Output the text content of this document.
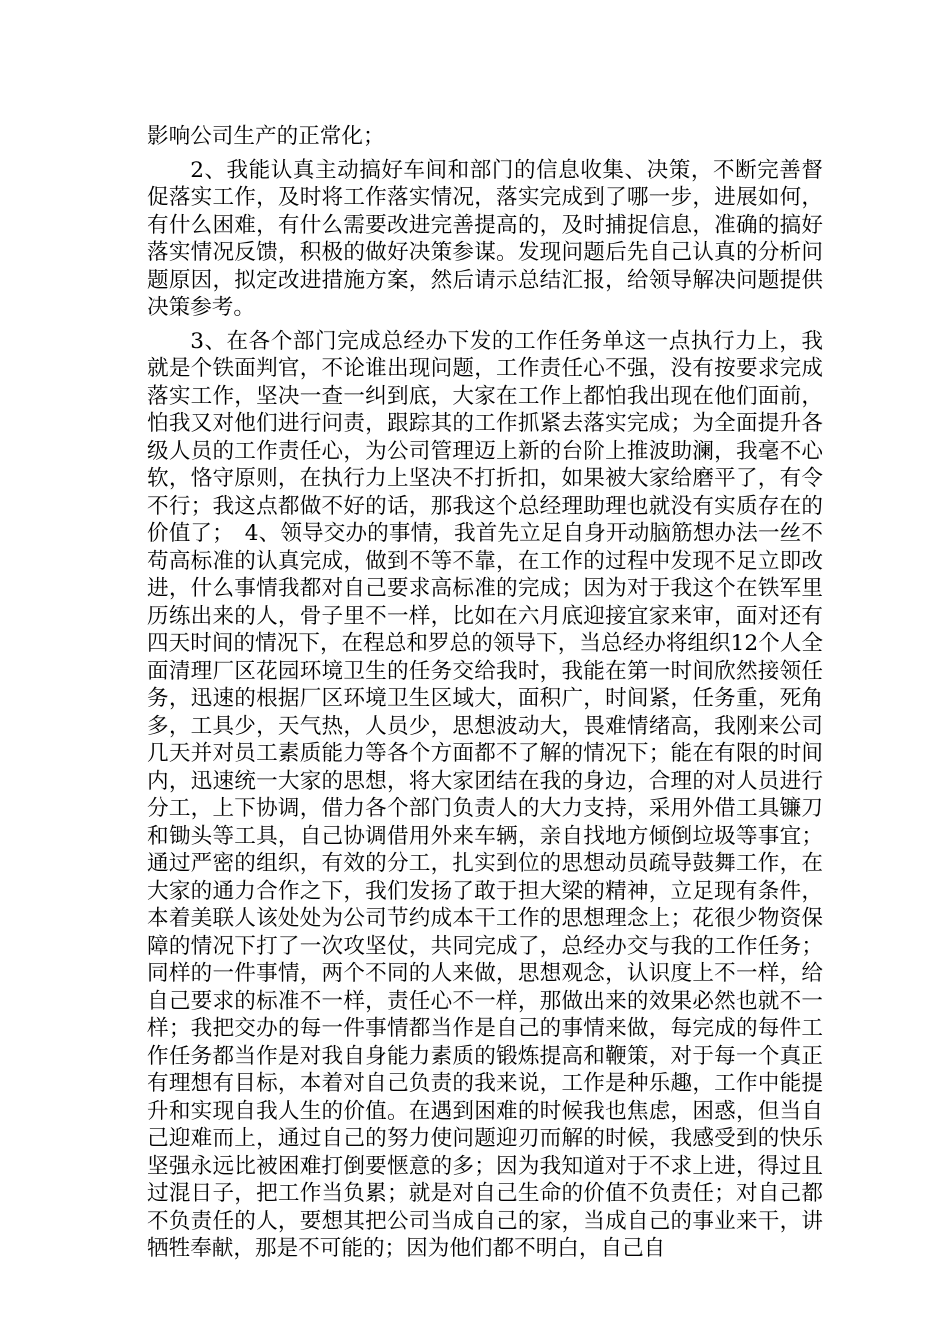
影响公司生产的正常化；

2、我能认真主动搞好车间和部门的信息收集、决策，不断完善督促落实工作，及时将工作落实情况，落实完成到了哪一步，进展如何，有什么困难，有什么需要改进完善提高的，及时捕捉信息，准确的搞好落实情况反馈，积极的做好决策参谋。发现问题后先自己认真的分析问题原因，拟定改进措施方案，然后请示总结汇报，给领导解决问题提供决策参考。

3、在各个部门完成总经办下发的工作任务单这一点执行力上，我就是个铁面判官，不论谁出现问题，工作责任心不强，没有按要求完成落实工作，坚决一查一纠到底，大家在工作上都怕我出现在他们面前，怕我又对他们进行问责，跟踪其的工作抓紧去落实完成；为全面提升各级人员的工作责任心，为公司管理迈上新的台阶上推波助澜，我毫不心软，恪守原则，在执行力上坚决不打折扣，如果被大家给磨平了，有令不行；我这点都做不好的话，那我这个总经理助理也就没有实质存在的价值了；　4、领导交办的事情，我首先立足自身开动脑筋想办法一丝不苟高标准的认真完成，做到不等不靠，在工作的过程中发现不足立即改进，什么事情我都对自己要求高标准的完成；因为对于我这个在铁军里历练出来的人，骨子里不一样，比如在六月底迎接宜家来审，面对还有四天时间的情况下，在程总和罗总的领导下，当总经办将组织12个人全面清理厂区花园环境卫生的任务交给我时，我能在第一时间欣然接领任务，迅速的根据厂区环境卫生区域大，面积广，时间紧，任务重，死角多，工具少，天气热，人员少，思想波动大，畏难情绪高，我刚来公司几天并对员工素质能力等各个方面都不了解的情况下；能在有限的时间内，迅速统一大家的思想，将大家团结在我的身边，合理的对人员进行分工，上下协调，借力各个部门负责人的大力支持，采用外借工具镰刀和锄头等工具，自己协调借用外来车辆，亲自找地方倾倒垃圾等事宜；通过严密的组织，有效的分工，扎实到位的思想动员疏导鼓舞工作，在大家的通力合作之下，我们发扬了敢于担大梁的精神，立足现有条件，本着美联人该处处为公司节约成本干工作的思想理念上；花很少物资保障的情况下打了一次攻坚仗，共同完成了，总经办交与我的工作任务；同样的一件事情，两个不同的人来做，思想观念，认识度上不一样，给自己要求的标准不一样，责任心不一样，那做出来的效果必然也就不一样；我把交办的每一件事情都当作是自己的事情来做，每完成的每件工作任务都当作是对我自身能力素质的锻炼提高和鞭策，对于每一个真正有理想有目标，本着对自己负责的我来说，工作是种乐趣，工作中能提升和实现自我人生的价值。在遇到困难的时候我也焦虑，困惑，但当自己迎难而上，通过自己的努力使问题迎刃而解的时候，我感受到的快乐坚强永远比被困难打倒要惬意的多；因为我知道对于不求上进，得过且过混日子，把工作当负累；就是对自己生命的价值不负责任；对自己都不负责任的人，要想其把公司当成自己的家，当成自己的事业来干，讲牺牲奉献，那是不可能的；因为他们都不明白，自己自
